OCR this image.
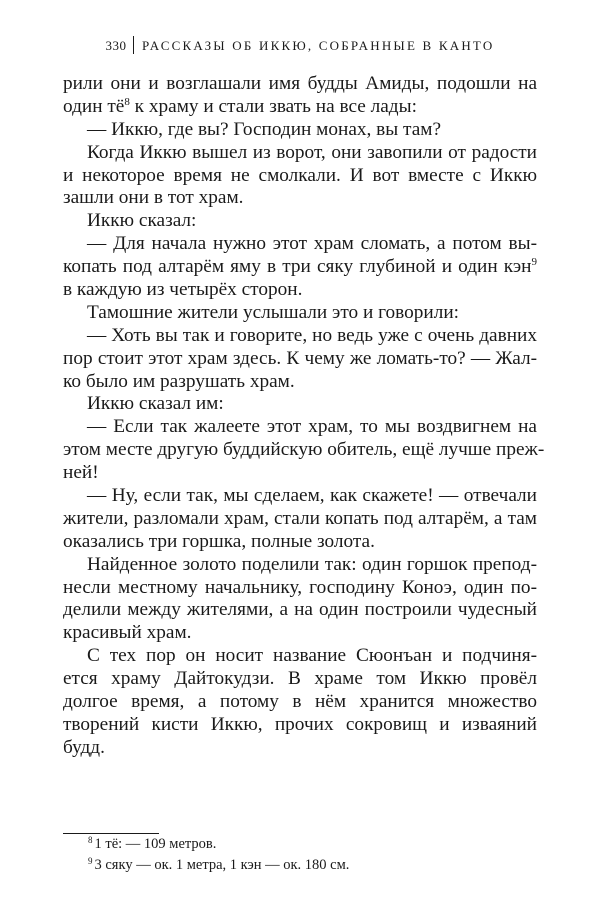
330 РАССКАЗЫ ОБ ИККЮ, СОБРАННЫЕ В КАНТО
рили они и возглашали имя будды Амиды, подошли на
один $тё^8$ к храму и стали звать на все лады:
— Иккю, где вы? Господин монах, вы там?
Когда Иккю вышел из ворот, они завопили от радости
и некоторое время не смолкали. И вот вместе с Иккю
зашли они в тот храм.
Иккю сказал:
— Для начала нужно этот храм сломать, а потом вы-
копать под алтарём яму в три сяку глубиной и один кэн$^9$
в каждую из четырёх сторон.
Тамошние жители услышали это и говорили:
— Хоть вы так и говорите, но ведь уже с очень давних
пор стоит этот храм здесь. К чему же ломать-то? — Жал-
ко было им разрушать храм.
Иккю сказал им:
— Если так жалеете этот храм, то мы воздвигнем на
этом месте другую буддийскую обитель, ещё лучше преж-
ней!
— Ну, если так, мы сделаем, как скажете! — отвечали
жители, разломали храм, стали копать под алтарём, а там
оказались три горшка, полные золота.
Найденное золото поделили так: один горшок препод-
несли местному начальнику, господину Коноэ, один по-
делили между жителями, а на один построили чудесный
красивый храм.
С тех пор он носит название Сюонъан и подчиня-
ется храму Дайтокудзи. В храме том Иккю провёл
долгое время, а потому в нём хранится множество
творений кисти Иккю, прочих сокровищ и изваяний
будд.
$^8$ 1 тё: — 109 метров.
$^9$ 3 сяку — ок. 1 метра, 1 кэн — ок. 180 см.
